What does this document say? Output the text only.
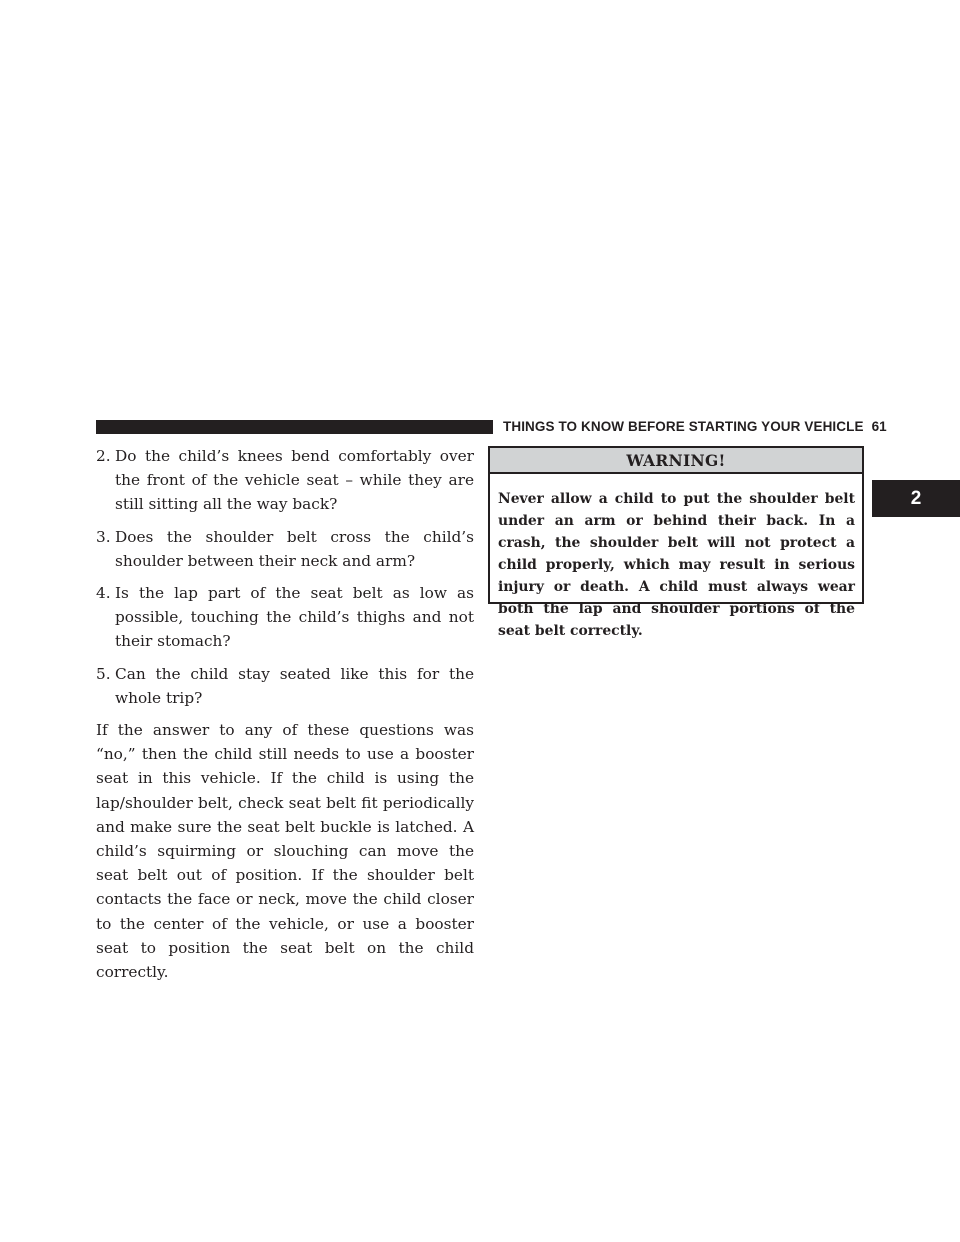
THINGS TO KNOW BEFORE STARTING YOUR VEHICLE 61
2

2. Do the child’s knees bend comfortably over the front of the vehicle seat – while they are still sitting all the way back?

3. Does the shoulder belt cross the child’s shoulder between their neck and arm?

4. Is the lap part of the seat belt as low as possible, touching the child’s thighs and not their stomach?

5. Can the child stay seated like this for the whole trip?

If the answer to any of these questions was “no,” then the child still needs to use a booster seat in this vehicle. If the child is using the lap/shoulder belt, check seat belt fit periodically and make sure the seat belt buckle is latched. A child’s squirming or slouching can move the seat belt out of position. If the shoulder belt contacts the face or neck, move the child closer to the center of the vehicle, or use a booster seat to position the seat belt on the child correctly.

WARNING!
Never allow a child to put the shoulder belt under an arm or behind their back. In a crash, the shoulder belt will not protect a child properly, which may result in serious injury or death. A child must always wear both the lap and shoulder portions of the seat belt correctly.
